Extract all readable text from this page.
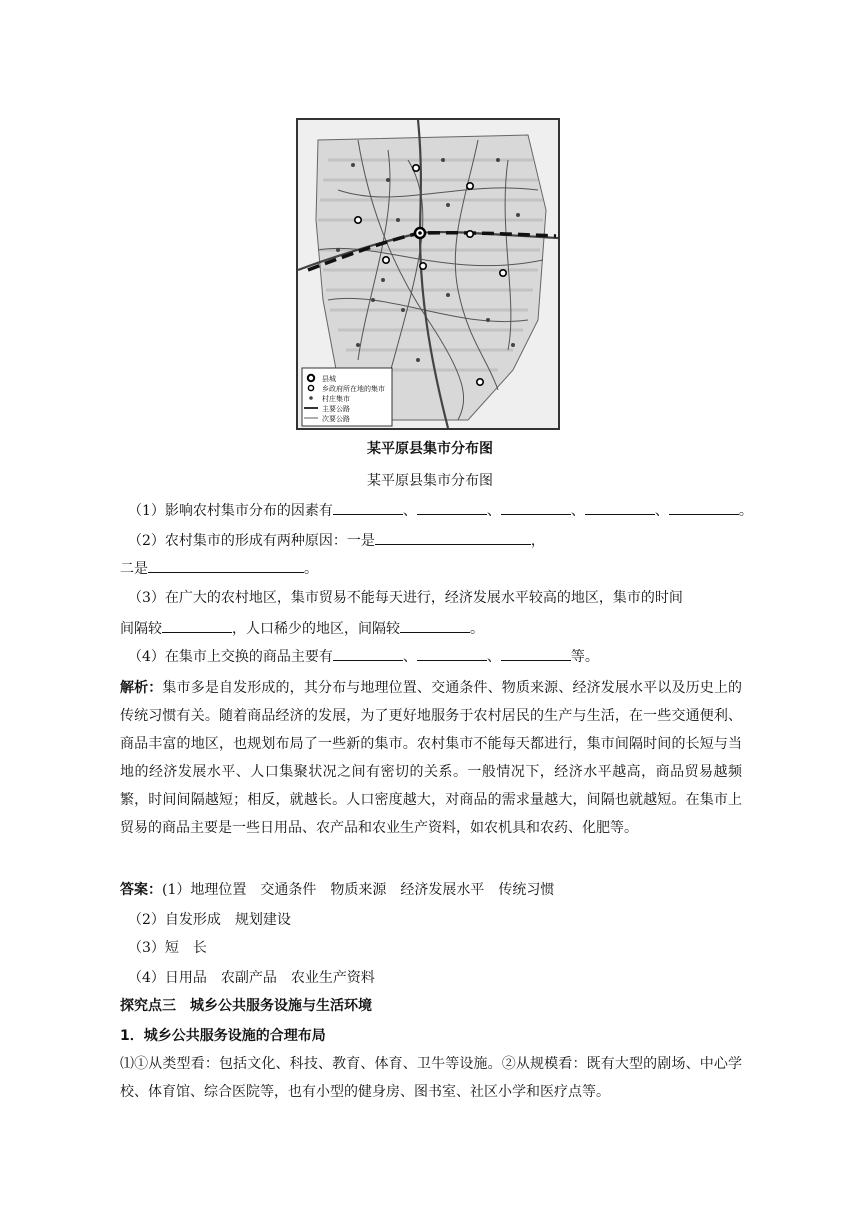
县城
乡政府所在地的集市
村庄集市
主要公路
次要公路
某平原县集市分布图
某平原县集市分布图
（1）影响农村集市分布的因素有	、	、	、	、	。
（2）农村集市的形成有两种原因：一是	，
二是	。
（3）在广大的农村地区，集市贸易不能每天进行，经济发展水平较高的地区，集市的时间
间隔较	，人口稀少的地区，间隔较	。
（4）在集市上交换的商品主要有	、	、	等。
解析：集市多是自发形成的，其分布与地理位置、交通条件、物质来源、经济发展水平以及历史上的传统习惯有关。随着商品经济的发展，为了更好地服务于农村居民的生产与生活，在一些交通便利、商品丰富的地区，也规划布局了一些新的集市。农村集市不能每天都进行，集市间隔时间的长短与当地的经济发展水平、人口集聚状况之间有密切的关系。一般情况下，经济水平越高，商品贸易越频繁，时间间隔越短；相反，就越长。人口密度越大，对商品的需求量越大，间隔也就越短。在集市上贸易的商品主要是一些日用品、农产品和农业生产资料，如农机具和农药、化肥等。
答案：(1）地理位置　交通条件　物质来源　经济发展水平　传统习惯
（2）自发形成　规划建设
（3）短　长
（4）日用品　农副产品　农业生产资料
探究点三　城乡公共服务设施与生活环境
1．城乡公共服务设施的合理布局
⑴①从类型看：包括文化、科技、教育、体育、卫牛等设施。②从规模看：既有大型的剧场、中心学校、体育馆、综合医院等，也有小型的健身房、图书室、社区小学和医疗点等。
